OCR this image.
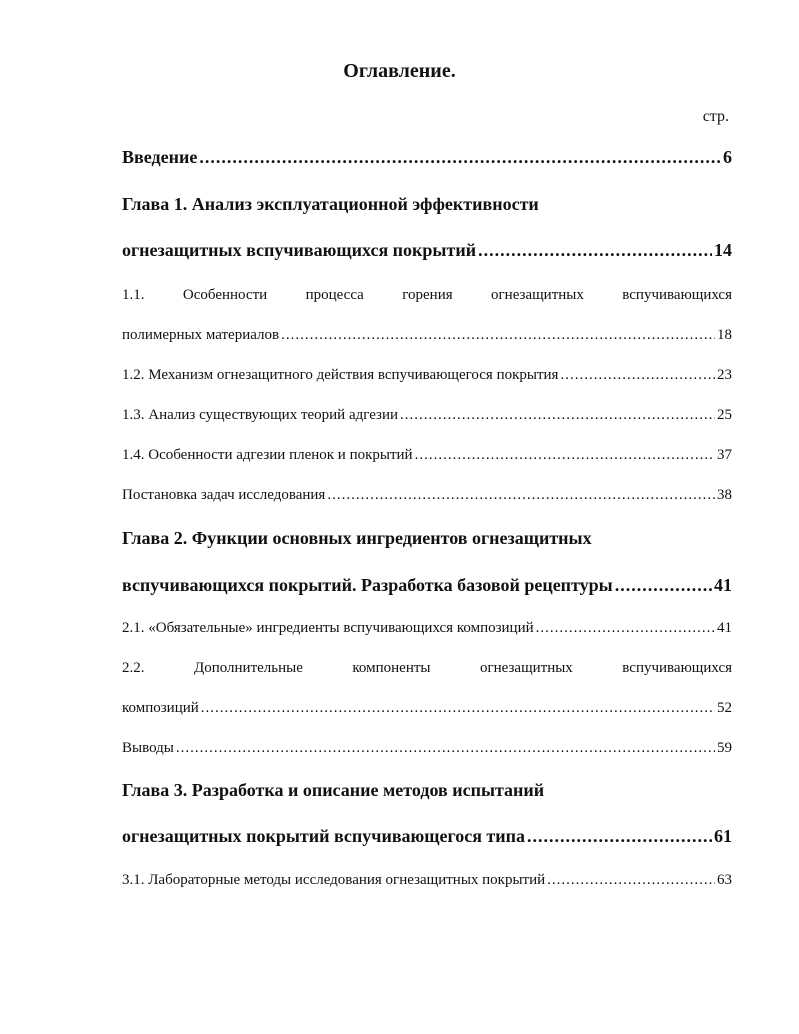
Оглавление.
стр.
Введение .....	6
Глава 1. Анализ эксплуатационной эффективности
огнезащитных вспучивающихся покрытий .....	14
1.1.	Особенности	процесса	горения	огнезащитных	вспучивающихся
полимерных материалов .....	18
1.2. Механизм огнезащитного действия вспучивающегося покрытия .....	23
1.3. Анализ существующих теорий адгезии .....	25
1.4. Особенности адгезии пленок и покрытий .....	37
Постановка задач исследования .....	38
Глава 2. Функции основных ингредиентов огнезащитных
вспучивающихся покрытий. Разработка базовой рецептуры .....	41
2.1. «Обязательные» ингредиенты вспучивающихся композиций .....	41
2.2.	Дополнительные	компоненты	огнезащитных	вспучивающихся
композиций .....	52
Выводы .....	59
Глава 3. Разработка и описание методов испытаний
огнезащитных покрытий вспучивающегося типа .....	61
3.1. Лабораторные методы исследования огнезащитных покрытий .....	63
